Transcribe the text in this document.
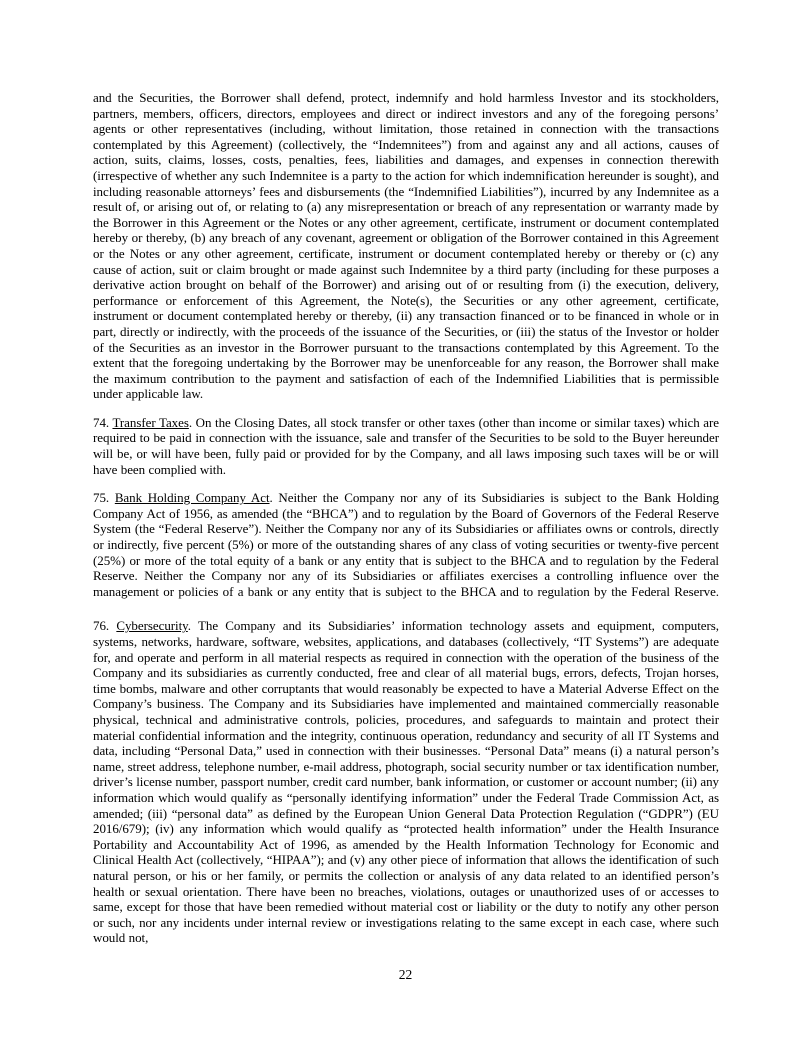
and the Securities, the Borrower shall defend, protect, indemnify and hold harmless Investor and its stockholders, partners, members, officers, directors, employees and direct or indirect investors and any of the foregoing persons’ agents or other representatives (including, without limitation, those retained in connection with the transactions contemplated by this Agreement) (collectively, the “Indemnitees”) from and against any and all actions, causes of action, suits, claims, losses, costs, penalties, fees, liabilities and damages, and expenses in connection therewith (irrespective of whether any such Indemnitee is a party to the action for which indemnification hereunder is sought), and including reasonable attorneys’ fees and disbursements (the “Indemnified Liabilities”), incurred by any Indemnitee as a result of, or arising out of, or relating to (a) any misrepresentation or breach of any representation or warranty made by the Borrower in this Agreement or the Notes or any other agreement, certificate, instrument or document contemplated hereby or thereby, (b) any breach of any covenant, agreement or obligation of the Borrower contained in this Agreement or the Notes or any other agreement, certificate, instrument or document contemplated hereby or thereby or (c) any cause of action, suit or claim brought or made against such Indemnitee by a third party (including for these purposes a derivative action brought on behalf of the Borrower) and arising out of or resulting from (i) the execution, delivery, performance or enforcement of this Agreement, the Note(s), the Securities or any other agreement, certificate, instrument or document contemplated hereby or thereby, (ii) any transaction financed or to be financed in whole or in part, directly or indirectly, with the proceeds of the issuance of the Securities, or (iii) the status of the Investor or holder of the Securities as an investor in the Borrower pursuant to the transactions contemplated by this Agreement. To the extent that the foregoing undertaking by the Borrower may be unenforceable for any reason, the Borrower shall make the maximum contribution to the payment and satisfaction of each of the Indemnified Liabilities that is permissible under applicable law.

74. Transfer Taxes. On the Closing Dates, all stock transfer or other taxes (other than income or similar taxes) which are required to be paid in connection with the issuance, sale and transfer of the Securities to be sold to the Buyer hereunder will be, or will have been, fully paid or provided for by the Company, and all laws imposing such taxes will be or will have been complied with.

75. Bank Holding Company Act. Neither the Company nor any of its Subsidiaries is subject to the Bank Holding Company Act of 1956, as amended (the “BHCA”) and to regulation by the Board of Governors of the Federal Reserve System (the “Federal Reserve”). Neither the Company nor any of its Subsidiaries or affiliates owns or controls, directly or indirectly, five percent (5%) or more of the outstanding shares of any class of voting securities or twenty-five percent (25%) or more of the total equity of a bank or any entity that is subject to the BHCA and to regulation by the Federal Reserve. Neither the Company nor any of its Subsidiaries or affiliates exercises a controlling influence over the management or policies of a bank or any entity that is subject to the BHCA and to regulation by the Federal Reserve.

76. Cybersecurity. The Company and its Subsidiaries’ information technology assets and equipment, computers, systems, networks, hardware, software, websites, applications, and databases (collectively, “IT Systems”) are adequate for, and operate and perform in all material respects as required in connection with the operation of the business of the Company and its subsidiaries as currently conducted, free and clear of all material bugs, errors, defects, Trojan horses, time bombs, malware and other corruptants that would reasonably be expected to have a Material Adverse Effect on the Company’s business. The Company and its Subsidiaries have implemented and maintained commercially reasonable physical, technical and administrative controls, policies, procedures, and safeguards to maintain and protect their material confidential information and the integrity, continuous operation, redundancy and security of all IT Systems and data, including “Personal Data,” used in connection with their businesses. “Personal Data” means (i) a natural person’s name, street address, telephone number, e-mail address, photograph, social security number or tax identification number, driver’s license number, passport number, credit card number, bank information, or customer or account number; (ii) any information which would qualify as “personally identifying information” under the Federal Trade Commission Act, as amended; (iii) “personal data” as defined by the European Union General Data Protection Regulation (“GDPR”) (EU 2016/679); (iv) any information which would qualify as “protected health information” under the Health Insurance Portability and Accountability Act of 1996, as amended by the Health Information Technology for Economic and Clinical Health Act (collectively, “HIPAA”); and (v) any other piece of information that allows the identification of such natural person, or his or her family, or permits the collection or analysis of any data related to an identified person’s health or sexual orientation. There have been no breaches, violations, outages or unauthorized uses of or accesses to same, except for those that have been remedied without material cost or liability or the duty to notify any other person or such, nor any incidents under internal review or investigations relating to the same except in each case, where such would not,

22
